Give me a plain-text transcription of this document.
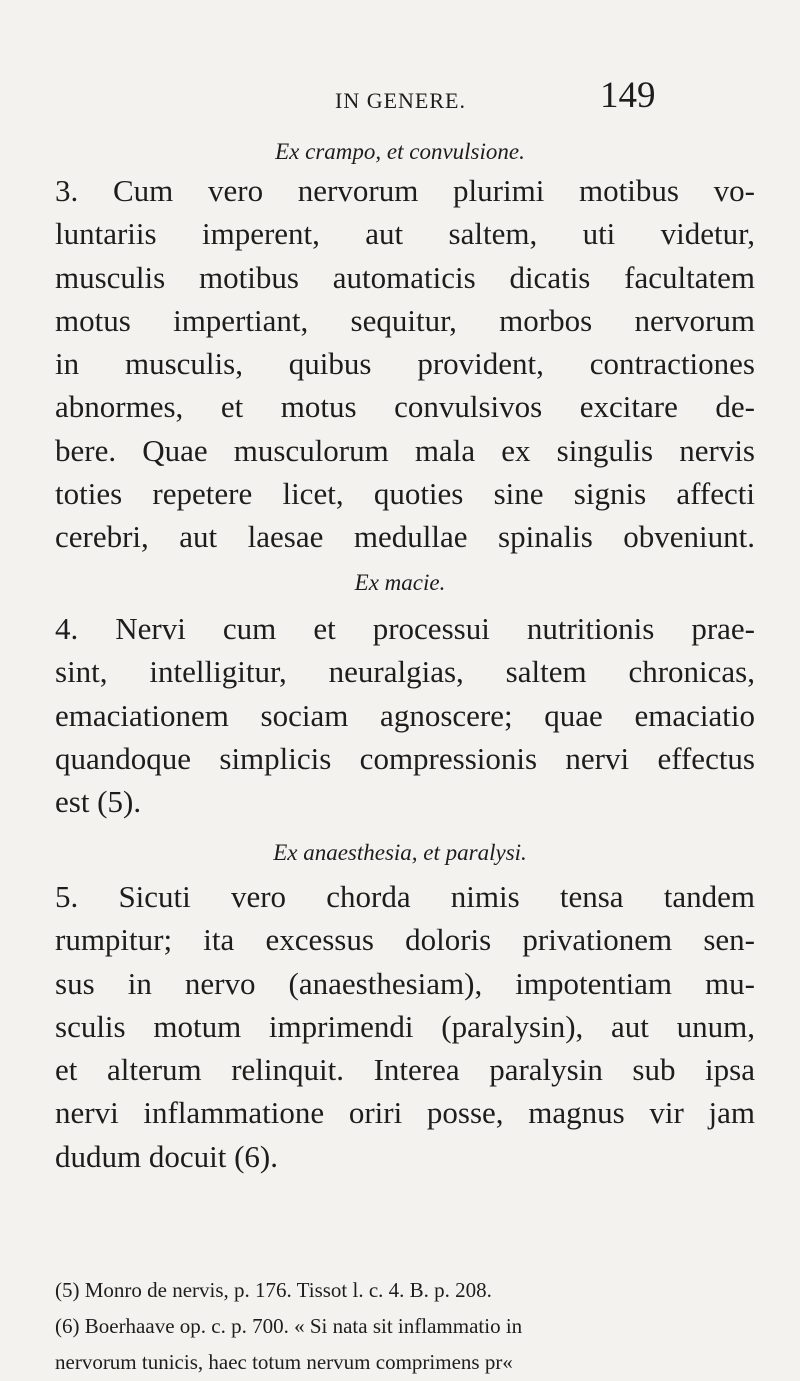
IN GENERE.	149
Ex crampo, et convulsione.
3. Cum vero nervorum plurimi motibus vo-
luntariis imperent, aut saltem, uti videtur,
musculis motibus automaticis dicatis facultatem
motus impertiant, sequitur, morbos nervorum
in musculis, quibus provident, contractiones
abnormes, et motus convulsivos excitare de-
bere. Quae musculorum mala ex singulis nervis
toties repetere licet, quoties sine signis affecti
cerebri, aut laesae medullae spinalis obveniunt.
Ex macie.
4. Nervi cum et processui nutritionis prae-
sint, intelligitur, neuralgias, saltem chronicas,
emaciationem sociam agnoscere; quae emaciatio
quandoque simplicis compressionis nervi effectus
est (5).
Ex anaesthesia, et paralysi.
5. Sicuti vero chorda nimis tensa tandem
rumpitur; ita excessus doloris privationem sen-
sus in nervo (anaesthesiam), impotentiam mu-
sculis motum imprimendi (paralysin), aut unum,
et alterum relinquit. Interea paralysin sub ipsa
nervi inflammatione oriri posse, magnus vir jam
dudum docuit (6).
(5) Monro de nervis, p. 176. Tissot l. c. 4. B. p. 208.
(6) Boerhaave op. c. p. 700. « Si nata sit inflammatio in
nervorum tunicis, haec totum nervum comprimens pr«
